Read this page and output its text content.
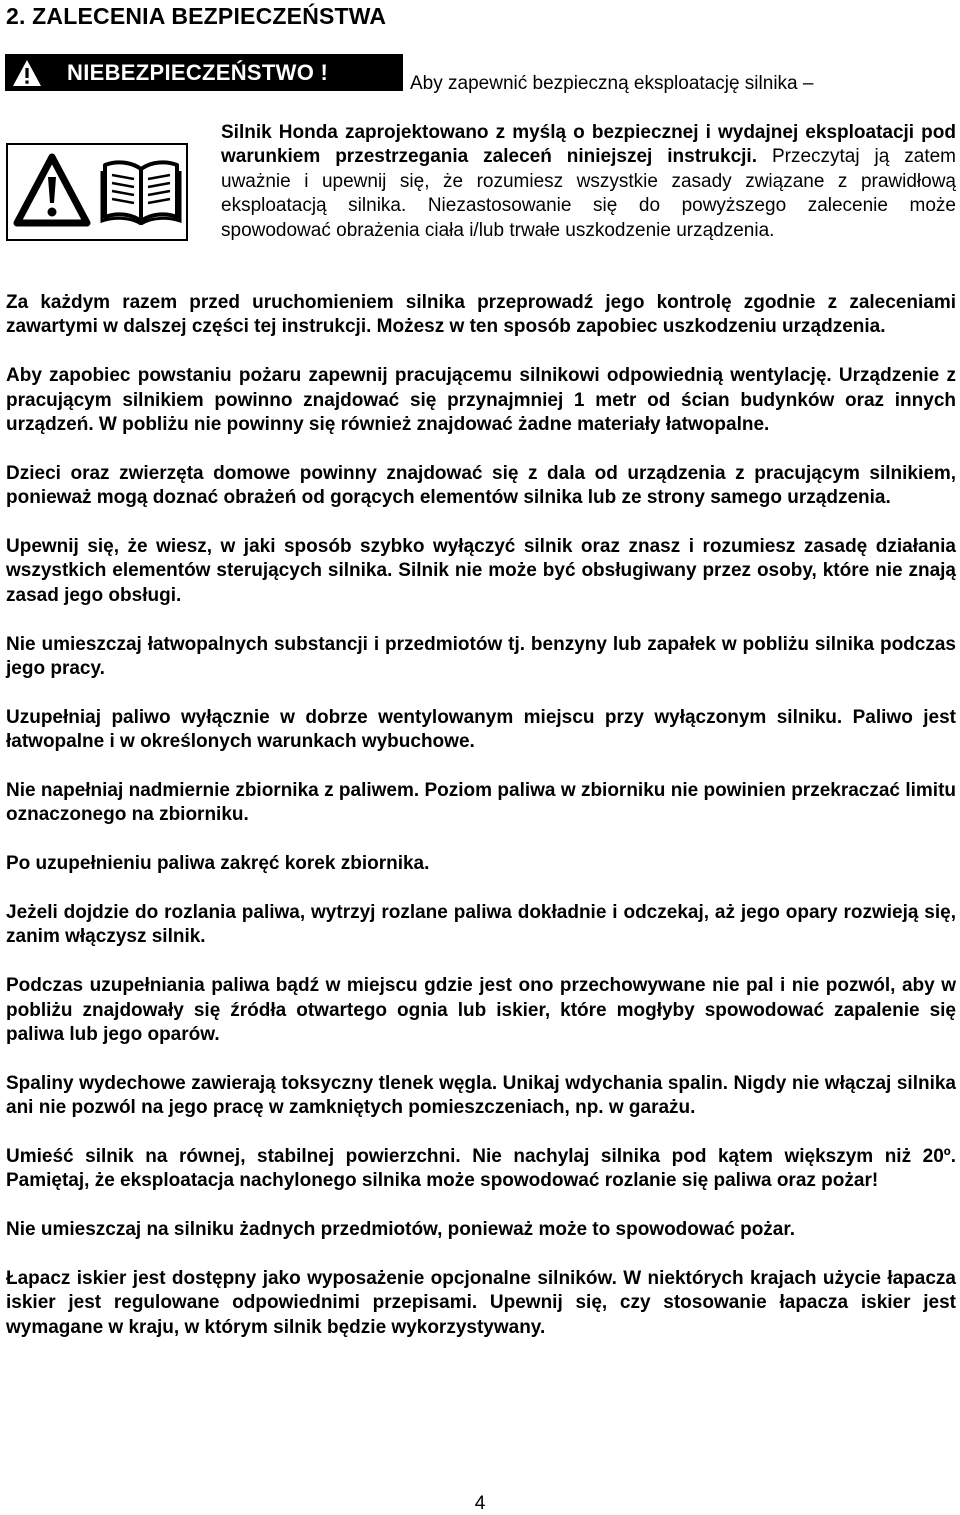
2. ZALECENIA BEZPIECZEŃSTWA
NIEBEZPIECZEŃSTWO !	Aby zapewnić bezpieczną eksploatację silnika –
Silnik Honda zaprojektowano z myślą o bezpiecznej i wydajnej eksploatacji pod warunkiem przestrzegania zaleceń niniejszej instrukcji. Przeczytaj ją zatem uważnie i upewnij się, że rozumiesz wszystkie zasady związane z prawidłową eksploatacją silnika. Niezastosowanie się do powyższego zalecenie może spowodować obrażenia ciała i/lub trwałe uszkodzenie urządzenia.

Za każdym razem przed uruchomieniem silnika przeprowadź jego kontrolę zgodnie z zaleceniami zawartymi w dalszej części tej instrukcji. Możesz w ten sposób zapobiec uszkodzeniu urządzenia.

Aby zapobiec powstaniu pożaru zapewnij pracującemu silnikowi odpowiednią wentylację. Urządzenie z pracującym silnikiem powinno znajdować się przynajmniej 1 metr od ścian budynków oraz innych urządzeń. W pobliżu nie powinny się również znajdować żadne materiały łatwopalne.

Dzieci oraz zwierzęta domowe powinny znajdować się z dala od urządzenia z pracującym silnikiem, ponieważ mogą doznać obrażeń od gorących elementów silnika lub ze strony samego urządzenia.

Upewnij się, że wiesz, w jaki sposób szybko wyłączyć silnik oraz znasz i rozumiesz zasadę działania wszystkich elementów sterujących silnika. Silnik nie może być obsługiwany przez osoby, które nie znają zasad jego obsługi.

Nie umieszczaj łatwopalnych substancji i przedmiotów tj. benzyny lub zapałek w pobliżu silnika podczas jego pracy.

Uzupełniaj paliwo wyłącznie w dobrze wentylowanym miejscu przy wyłączonym silniku. Paliwo jest łatwopalne i w określonych warunkach wybuchowe.

Nie napełniaj nadmiernie zbiornika z paliwem. Poziom paliwa w zbiorniku nie powinien przekraczać limitu oznaczonego na zbiorniku.

Po uzupełnieniu paliwa zakręć korek zbiornika.

Jeżeli dojdzie do rozlania paliwa, wytrzyj rozlane paliwa dokładnie i odczekaj, aż jego opary rozwieją się, zanim włączysz silnik.

Podczas uzupełniania paliwa bądź w miejscu gdzie jest ono przechowywane nie pal i nie pozwól, aby w pobliżu znajdowały się źródła otwartego ognia lub iskier, które mogłyby spowodować zapalenie się paliwa lub jego oparów.

Spaliny wydechowe zawierają toksyczny tlenek węgla. Unikaj wdychania spalin. Nigdy nie włączaj silnika ani nie pozwól na jego pracę w zamkniętych pomieszczeniach, np. w garażu.

Umieść silnik na równej, stabilnej powierzchni. Nie nachylaj silnika pod kątem większym niż 20º. Pamiętaj, że eksploatacja nachylonego silnika może spowodować rozlanie się paliwa oraz pożar!

Nie umieszczaj na silniku żadnych przedmiotów, ponieważ może to spowodować pożar.

Łapacz iskier jest dostępny jako wyposażenie opcjonalne silników. W niektórych krajach użycie łapacza iskier jest regulowane odpowiednimi przepisami. Upewnij się, czy stosowanie łapacza iskier jest wymagane w kraju, w którym silnik będzie wykorzystywany.

4
